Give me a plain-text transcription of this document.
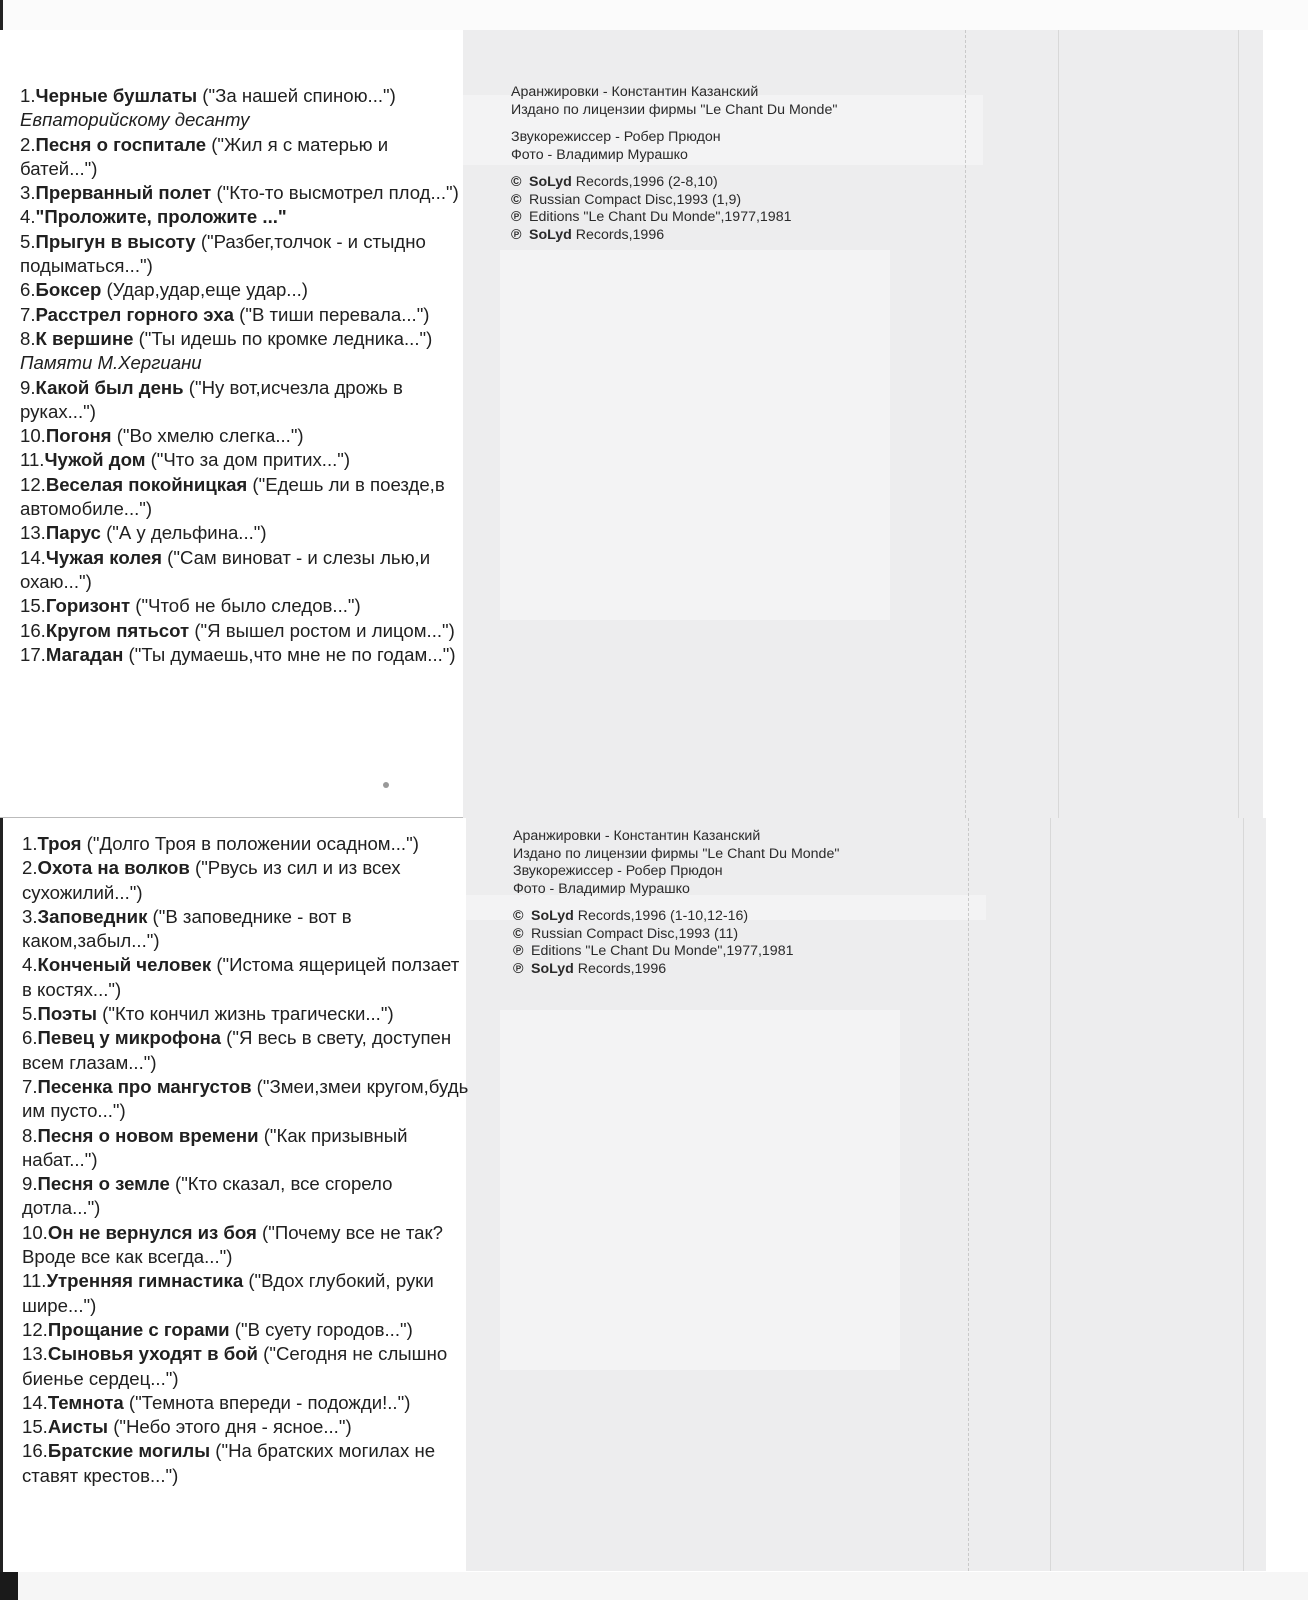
1.Черные бушлаты ("За нашей спиною...") Евпаторийскому десанту
2.Песня о госпитале ("Жил я с матерью и батей...")
3.Прерванный полет ("Кто-то высмотрел плод...")
4."Проложите, проложите ..."
5.Прыгун в высоту ("Разбег,толчок - и стыдно подыматься...")
6.Боксер (Удар,удар,еще удар...)
7.Расстрел горного эха ("В тиши перевала...")
8.К вершине ("Ты идешь по кромке ледника...") Памяти М.Хергиани
9.Какой был день ("Ну вот,исчезла дрожь в руках...")
10.Погоня ("Во хмелю слегка...")
11.Чужой дом ("Что за дом притих...")
12.Веселая покойницкая ("Едешь ли в поезде,в автомобиле...")
13.Парус ("А у дельфина...")
14.Чужая колея ("Сам виноват - и слезы лью,и охаю...")
15.Горизонт ("Чтоб не было следов...")
16.Кругом пятьсот ("Я вышел ростом и лицом...")
17.Магадан ("Ты думаешь,что мне не по годам...")
Аранжировки - Константин Казанский
Издано по лицензии фирмы "Le Chant Du Monde"
Звукорежиссер - Робер Прюдон
Фото - Владимир Мурашко
© SoLyd Records,1996 (2-8,10)
© Russian Compact Disc,1993 (1,9)
℗ Editions "Le Chant Du Monde",1977,1981
℗ SoLyd Records,1996
1.Троя ("Долго Троя в положении осадном...")
2.Охота на волков ("Рвусь из сил и из всех сухожилий...")
3.Заповедник ("В заповеднике - вот в каком,забыл...")
4.Конченый человек ("Истома ящерицей ползает в костях...")
5.Поэты ("Кто кончил жизнь трагически...")
6.Певец у микрофона ("Я весь в свету, доступен всем глазам...")
7.Песенка про мангустов ("Змеи,змеи кругом,будь им пусто...")
8.Песня о новом времени ("Как призывный набат...")
9.Песня о земле ("Кто сказал, все сгорело дотла...")
10.Он не вернулся из боя ("Почему все не так? Вроде все как всегда...")
11.Утренняя гимнастика ("Вдох глубокий, руки шире...")
12.Прощание с горами ("В суету городов...")
13.Сыновья уходят в бой ("Сегодня не слышно биенье сердец...")
14.Темнота ("Темнота впереди - подожди!..")
15.Аисты ("Небо этого дня - ясное...")
16.Братские могилы ("На братских могилах не ставят крестов...")
Аранжировки - Константин Казанский
Издано по лицензии фирмы "Le Chant Du Monde"
Звукорежиссер - Робер Прюдон
Фото - Владимир Мурашко
© SoLyd Records,1996 (1-10,12-16)
© Russian Compact Disc,1993 (11)
℗ Editions "Le Chant Du Monde",1977,1981
℗ SoLyd Records,1996
